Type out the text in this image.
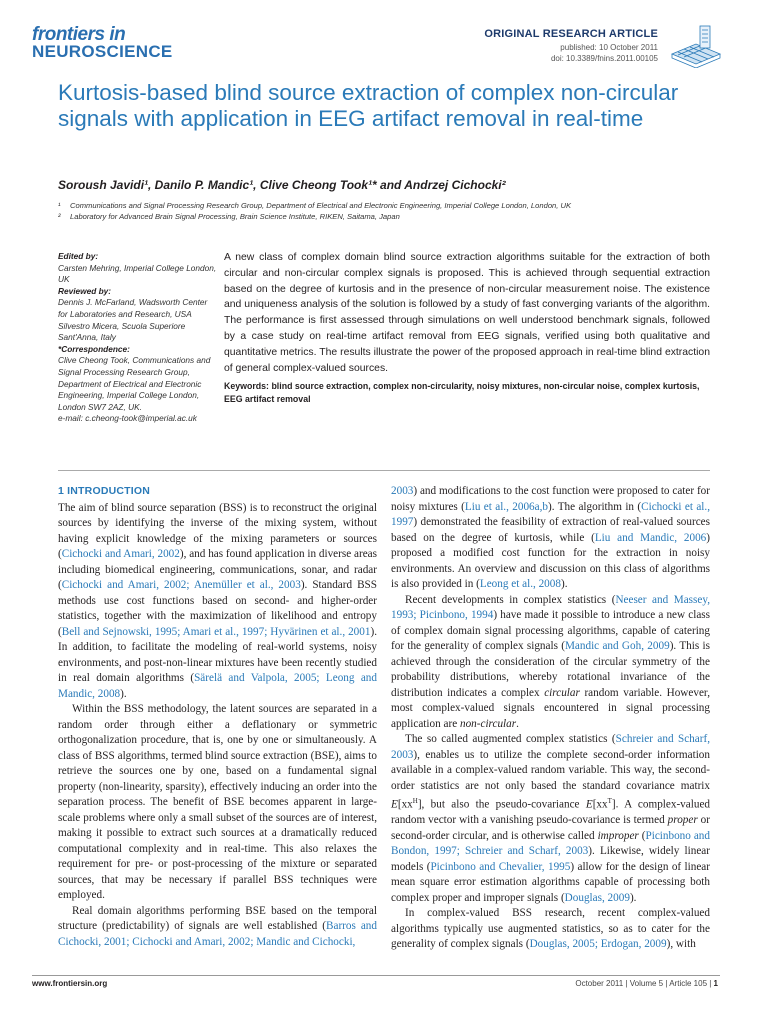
frontiers in
NEUROSCIENCE
ORIGINAL RESEARCH ARTICLE
published: 10 October 2011
doi: 10.3389/fnins.2011.00105
Kurtosis-based blind source extraction of complex non-circular signals with application in EEG artifact removal in real-time
Soroush Javidi¹, Danilo P. Mandic¹, Clive Cheong Took¹* and Andrzej Cichocki²
¹	Communications and Signal Processing Research Group, Department of Electrical and Electronic Engineering, Imperial College London, London, UK
²	Laboratory for Advanced Brain Signal Processing, Brain Science Institute, RIKEN, Saitama, Japan
Edited by:
Carsten Mehring, Imperial College London, UK
Reviewed by:
Dennis J. McFarland, Wadsworth Center for Laboratories and Research, USA
Silvestro Micera, Scuola Superiore Sant'Anna, Italy
*Correspondence:
Clive Cheong Took, Communications and Signal Processing Research Group, Department of Electrical and Electronic Engineering, Imperial College London, London SW7 2AZ, UK.
e-mail: c.cheong-took@imperial.ac.uk
A new class of complex domain blind source extraction algorithms suitable for the extraction of both circular and non-circular complex signals is proposed. This is achieved through sequential extraction based on the degree of kurtosis and in the presence of non-circular measurement noise. The existence and uniqueness analysis of the solution is followed by a study of fast converging variants of the algorithm. The performance is first assessed through simulations on well understood benchmark signals, followed by a case study on real-time artifact removal from EEG signals, verified using both qualitative and quantitative metrics. The results illustrate the power of the proposed approach in real-time blind extraction of general complex-valued sources.
Keywords: blind source extraction, complex non-circularity, noisy mixtures, non-circular noise, complex kurtosis, EEG artifact removal
1 INTRODUCTION

The aim of blind source separation (BSS) is to reconstruct the original sources by identifying the inverse of the mixing system, without having explicit knowledge of the mixing parameters or sources (Cichocki and Amari, 2002), and has found application in diverse areas including biomedical engineering, communications, sonar, and radar (Cichocki and Amari, 2002; Anemüller et al., 2003). Standard BSS methods use cost functions based on second- and higher-order statistics, together with the maximization of likelihood and entropy (Bell and Sejnowski, 1995; Amari et al., 1997; Hyvärinen et al., 2001). In addition, to facilitate the modeling of real-world systems, noisy environments, and post-non-linear mixtures have been recently studied in real domain algorithms (Särelä and Valpola, 2005; Leong and Mandic, 2008).

Within the BSS methodology, the latent sources are separated in a random order through either a deflationary or symmetric orthogonalization procedure, that is, one by one or simultaneously. A class of BSS algorithms, termed blind source extraction (BSE), aims to retrieve the sources one by one, based on a fundamental signal property (non-linearity, sparsity), effectively inducing an order into the separation process. The benefit of BSE becomes apparent in large-scale problems where only a small subset of the sources are of interest, making it possible to extract such sources at a dramatically reduced computational complexity and in real-time. This also relaxes the requirement for pre- or post-processing of the mixture or separated sources, that may be necessary if parallel BSS techniques were employed.

Real domain algorithms performing BSE based on the temporal structure (predictability) of signals are well established (Barros and Cichocki, 2001; Cichocki and Amari, 2002; Mandic and Cichocki,

2003) and modifications to the cost function were proposed to cater for noisy mixtures (Liu et al., 2006a,b). The algorithm in (Cichocki et al., 1997) demonstrated the feasibility of extraction of real-valued sources based on the degree of kurtosis, while (Liu and Mandic, 2006) proposed a modified cost function for the extraction in noisy environments. An overview and discussion on this class of algorithms is also provided in (Leong et al., 2008).

Recent developments in complex statistics (Neeser and Massey, 1993; Picinbono, 1994) have made it possible to introduce a new class of complex domain signal processing algorithms, capable of catering for the generality of complex signals (Mandic and Goh, 2009). This is achieved through the consideration of the circular symmetry of the probability distributions, whereby rotational invariance of the distribution indicates a complex circular random variable. However, most complex-valued signals encountered in signal processing application are non-circular.

The so called augmented complex statistics (Schreier and Scharf, 2003), enables us to utilize the complete second-order information available in a complex-valued random variable. This way, the second-order statistics are not only based the standard covariance matrix $E[xx^H]$, but also the pseudo-covariance $E[xx^T]$. A complex-valued random vector with a vanishing pseudo-covariance is termed proper or second-order circular, and is otherwise called improper (Picinbono and Bondon, 1997; Schreier and Scharf, 2003). Likewise, widely linear models (Picinbono and Chevalier, 1995) allow for the design of linear mean square error estimation algorithms capable of processing both complex proper and improper signals (Douglas, 2009).

In complex-valued BSS research, recent complex-valued algorithms typically use augmented statistics, so as to cater for the generality of complex signals (Douglas, 2005; Erdogan, 2009), with

www.frontiersin.org	October 2011 | Volume 5 | Article 105 | 1
